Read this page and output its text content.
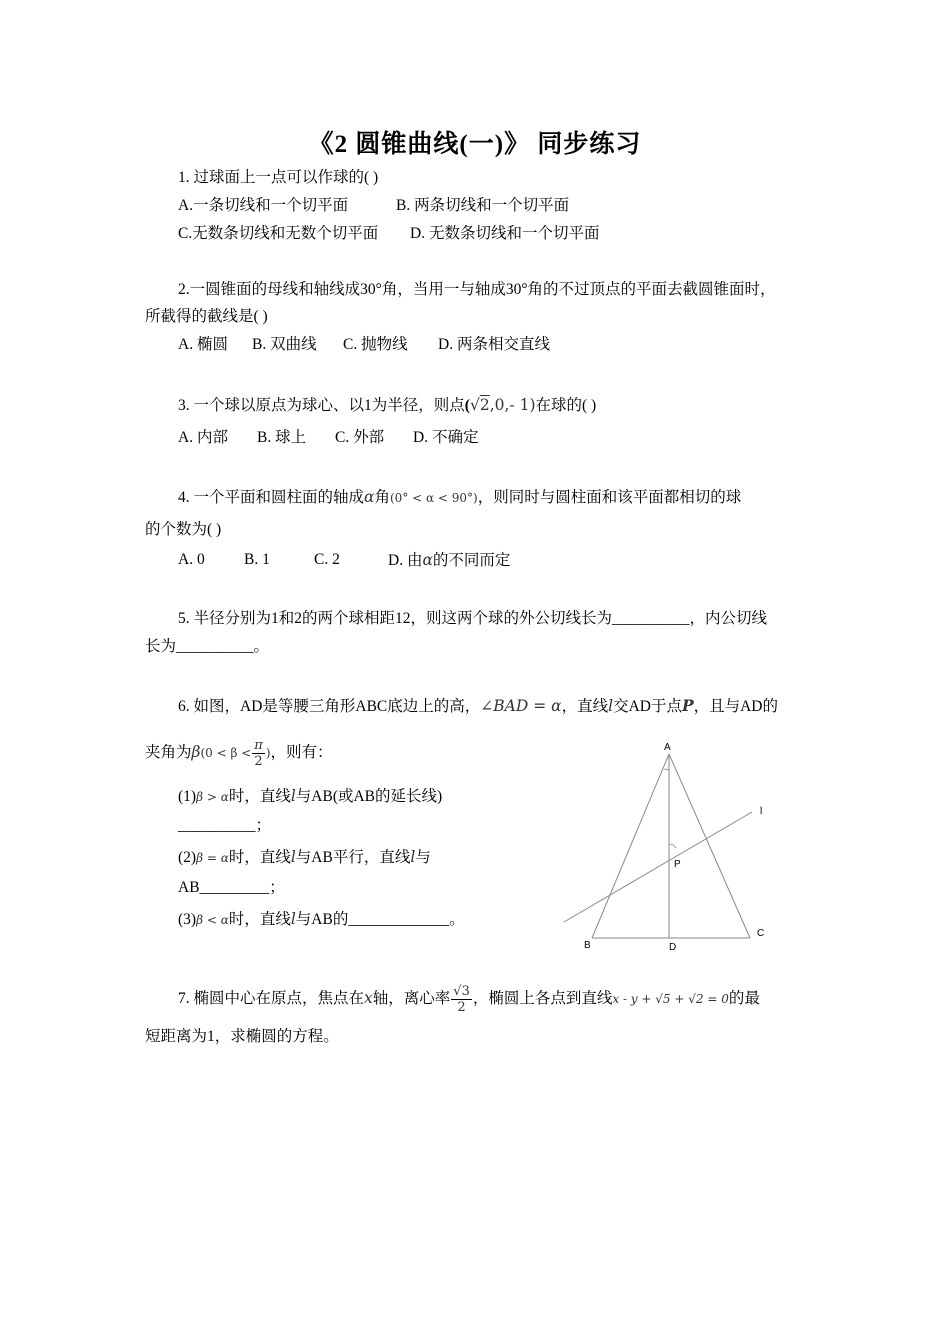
《2 圆锥曲线(一)》 同步练习
1. 过球面上一点可以作球的( )
A.一条切线和一个切平面	B. 两条切线和一个切平面
C.无数条切线和无数个切平面 D. 无数条切线和一个切平面
2.一圆锥面的母线和轴线成30°角，当用一与轴成30°角的不过顶点的平面去截圆锥面时，
所截得的截线是( )
A. 椭圆 B. 双曲线 C. 抛物线 D. 两条相交直线
3. 一个球以原点为球心、以1为半径，则点(√2,0,- 1)在球的( )
A. 内部 B. 球上 C. 外部 D. 不确定
4. 一个平面和圆柱面的轴成α角(0° < α < 90°)，则同时与圆柱面和该平面都相切的球
的个数为( )
A. 0	B. 1	C. 2	D. 由α的不同而定
5. 半径分别为1和2的两个球相距12，则这两个球的外公切线长为__________，内公切线
长为__________。
6. 如图，AD是等腰三角形ABC底边上的高，∠BAD = α，直线l交AD于点P，且与AD的
夹角为$\beta(0 < \beta < \frac{\pi}{2}$ )，则有：
(1)β > α时，直线l与AB(或AB的延长线)
__________；
(2)β = α时，直线l与AB平行，直线l与
AB_________；
(3)β < α时，直线l与AB的_____________。
A
B
C
D
P
l
7. 椭圆中心在原点，焦点在x轴，离心率 $\frac{√3}{2}$ ，椭圆上各点到直线x - y + √5 + √2 = 0的最
短距离为1，求椭圆的方程。
